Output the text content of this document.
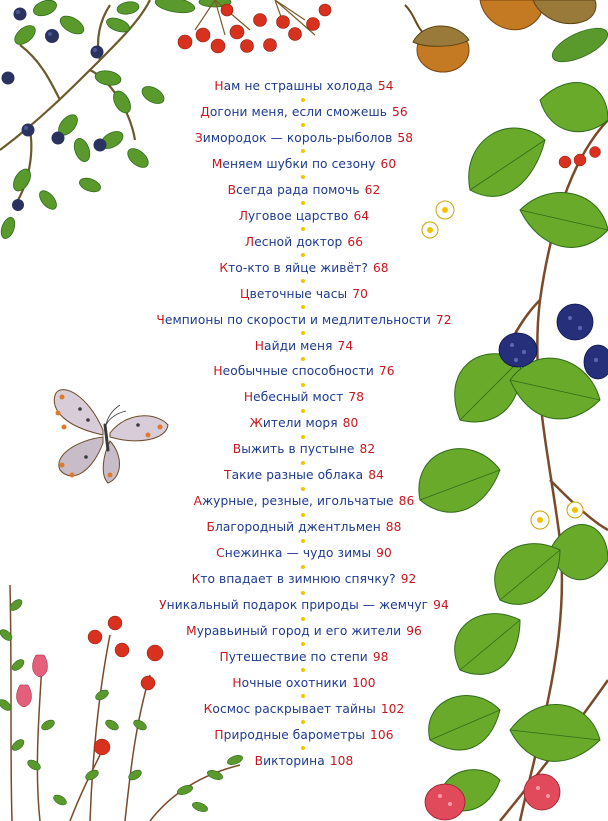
Нам не страшны холода 54
Догони меня, если сможешь 56
Зимородок — король-рыболов 58
Меняем шубки по сезону 60
Всегда рада помочь 62
Луговое царство 64
Лесной доктор 66
Кто-кто в яйце живёт? 68
Цветочные часы 70
Чемпионы по скорости и медлительности 72
Найди меня 74
Необычные способности 76
Небесный мост 78
Жители моря 80
Выжить в пустыне 82
Такие разные облака 84
Ажурные, резные, игольчатые 86
Благородный джентльмен 88
Снежинка — чудо зимы 90
Кто впадает в зимнюю спячку? 92
Уникальный подарок природы — жемчуг 94
Муравьиный город и его жители 96
Путешествие по степи 98
Ночные охотники 100
Космос раскрывает тайны 102
Природные барометры 106
Викторина 108
